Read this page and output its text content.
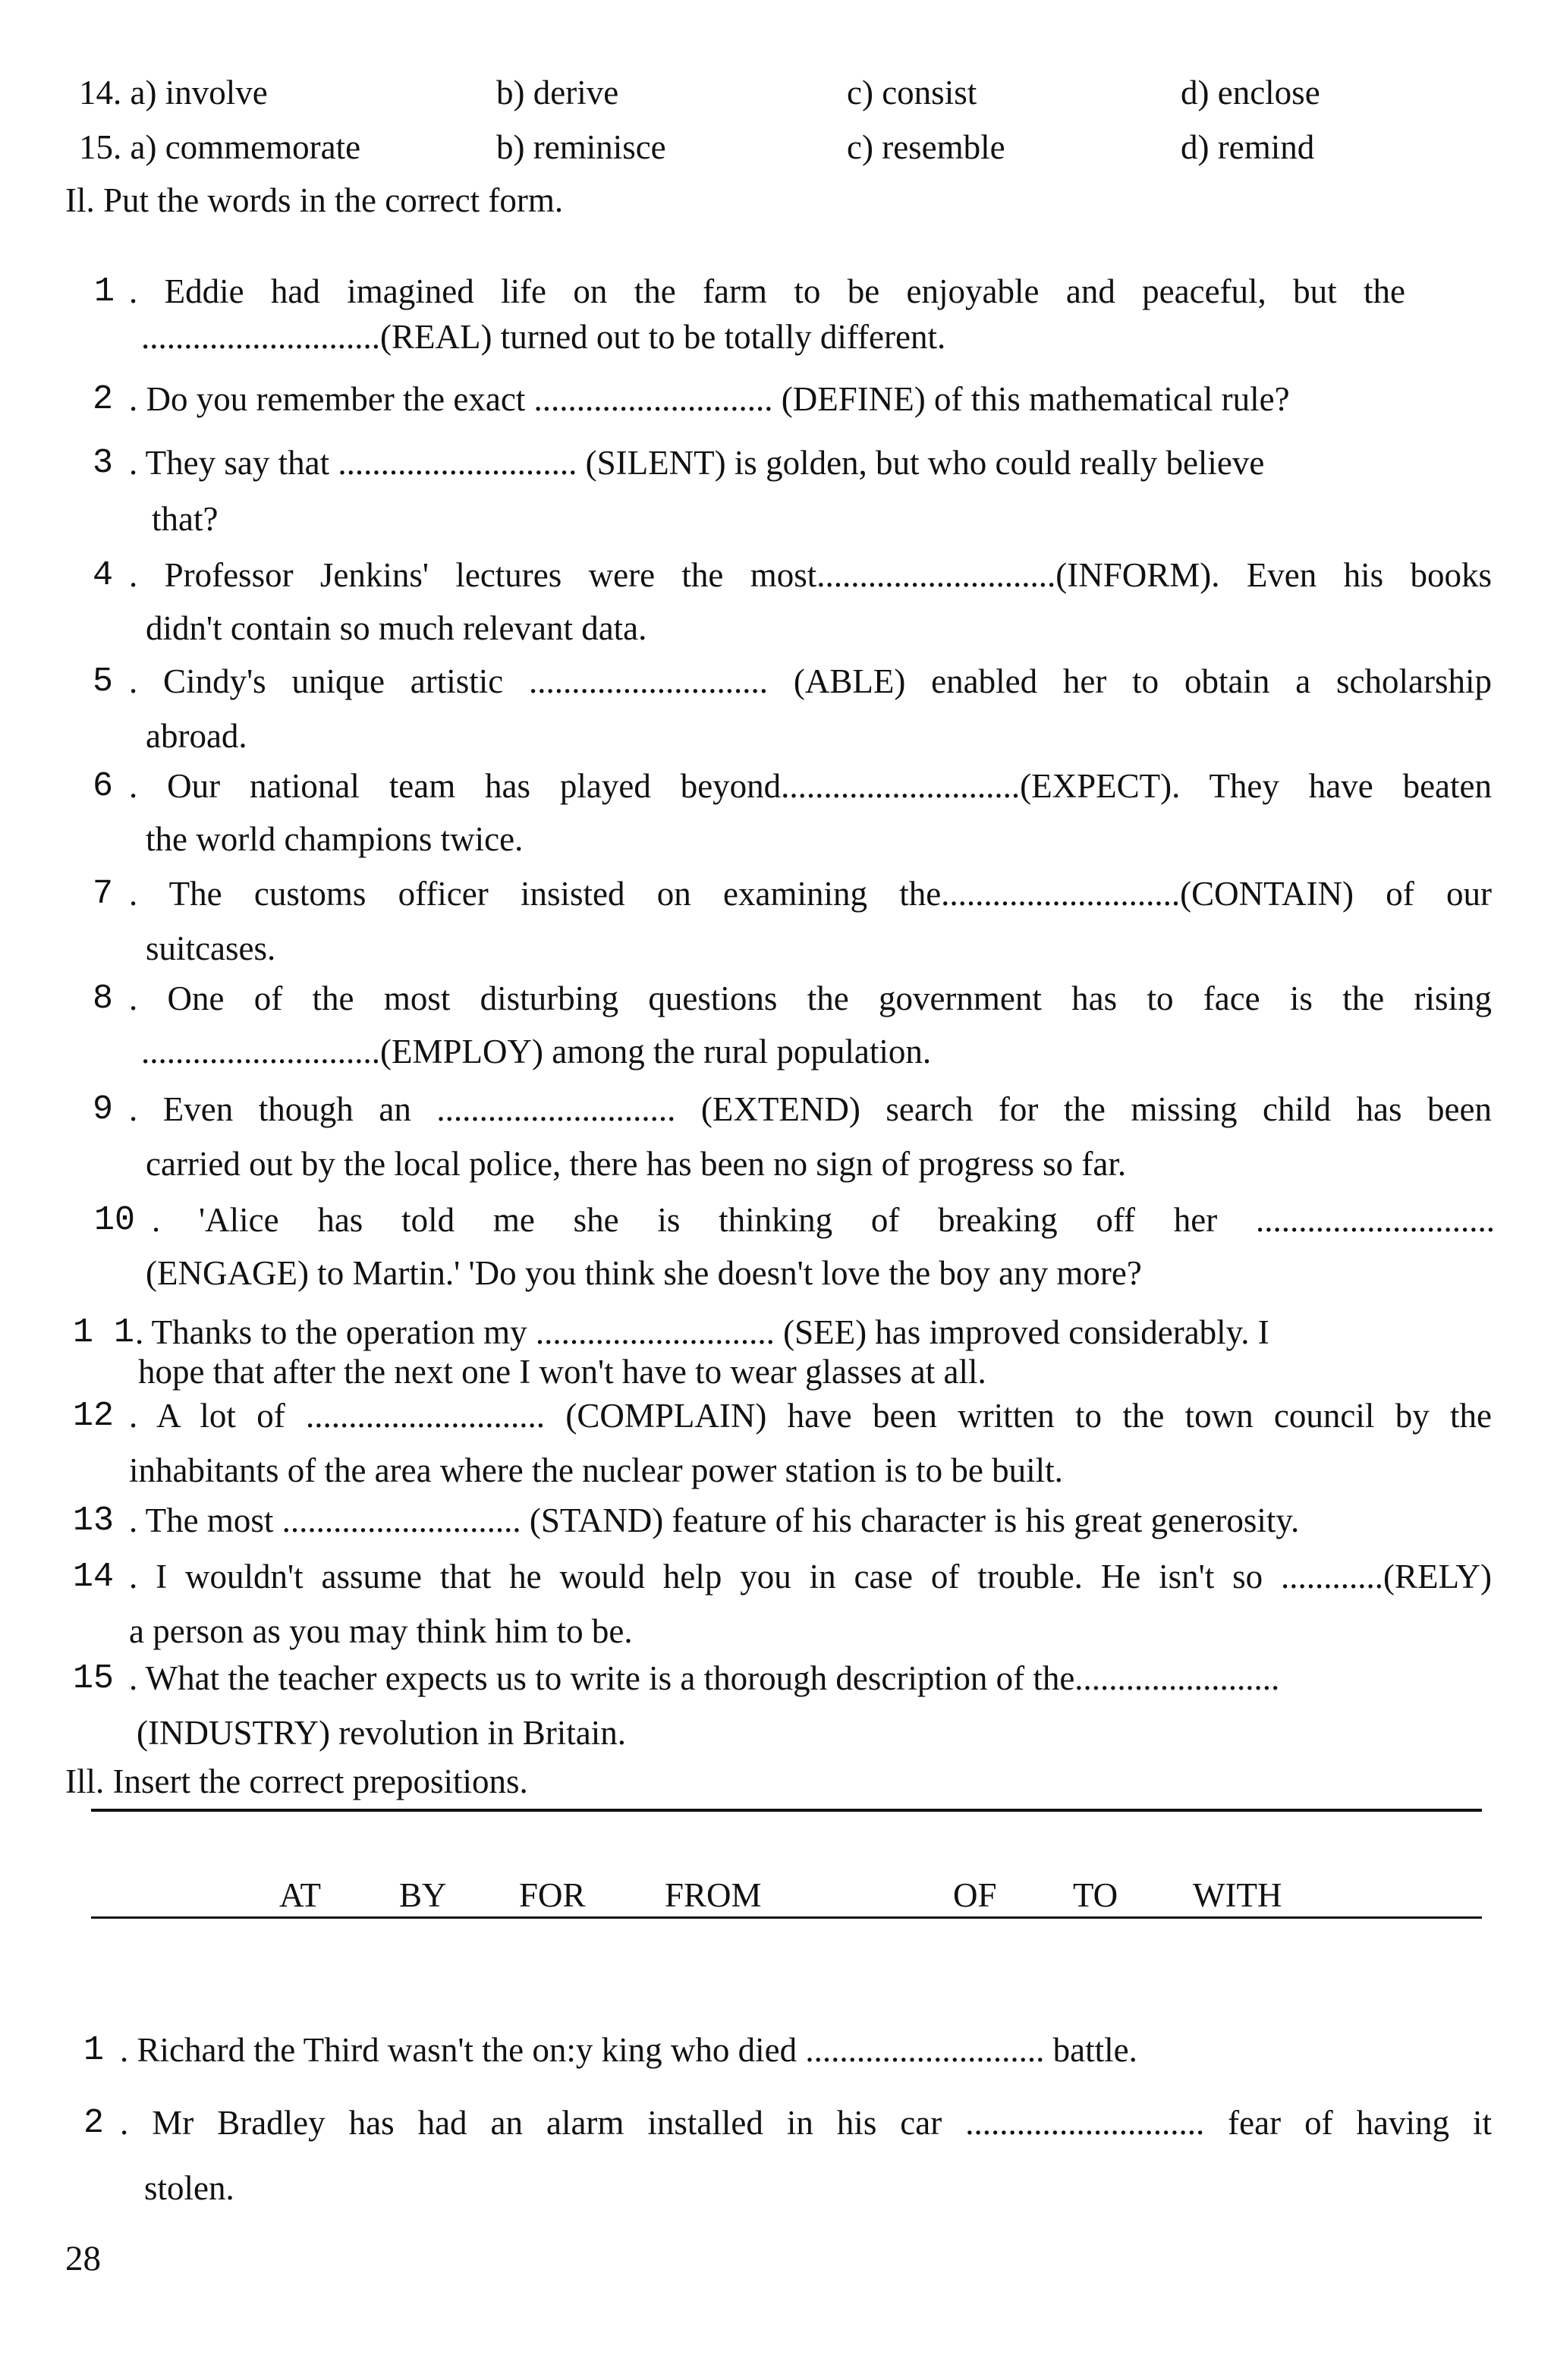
14. a) involve	b) derive	c) consist	d) enclose
15. a) commemorate	b) reminisce	c) resemble	d) remind
Il. Put the words in the correct form.
1 . Eddie had imagined life on the farm to be enjoyable and peaceful, but the
............................(REAL) turned out to be totally different.
2 . Do you remember the exact ............................ (DEFINE) of this mathematical rule?
3 . They say that ............................ (SILENT) is golden, but who could really believe
that?
4 . Professor Jenkins' lectures were the most............................(INFORM). Even his books
didn't contain so much relevant data.
5 . Cindy's unique artistic ............................ (ABLE) enabled her to obtain a scholarship
abroad.
6 . Our national team has played beyond............................(EXPECT). They have beaten
the world champions twice.
7 . The customs officer insisted on examining the............................(CONTAIN) of our
suitcases.
8 . One of the most disturbing questions the government has to face is the rising
............................(EMPLOY) among the rural population.
9 . Even though an ............................ (EXTEND) search for the missing child has been
carried out by the local police, there has been no sign of progress so far.
10 . 'Alice has told me she is thinking of breaking off her ............................
(ENGAGE) to Martin.' 'Do you think she doesn't love the boy any more?
1 1 . Thanks to the operation my ............................ (SEE) has improved considerably. I
hope that after the next one I won't have to wear glasses at all.
12 . A lot of ............................ (COMPLAIN) have been written to the town council by the
inhabitants of the area where the nuclear power station is to be built.
13 . The most ............................ (STAND) feature of his character is his great generosity.
14 . I wouldn't assume that he would help you in case of trouble. He isn't so ............(RELY)
a person as you may think him to be.
15 . What the teacher expects us to write is a thorough description of the........................
(INDUSTRY) revolution in Britain.
Ill. Insert the correct prepositions.
AT BY FOR FROM	OF TO WITH
1 . Richard the Third wasn't the on:y king who died ............................ battle.
2 . Mr Bradley has had an alarm installed in his car ............................ fear of having it
stolen.
28
